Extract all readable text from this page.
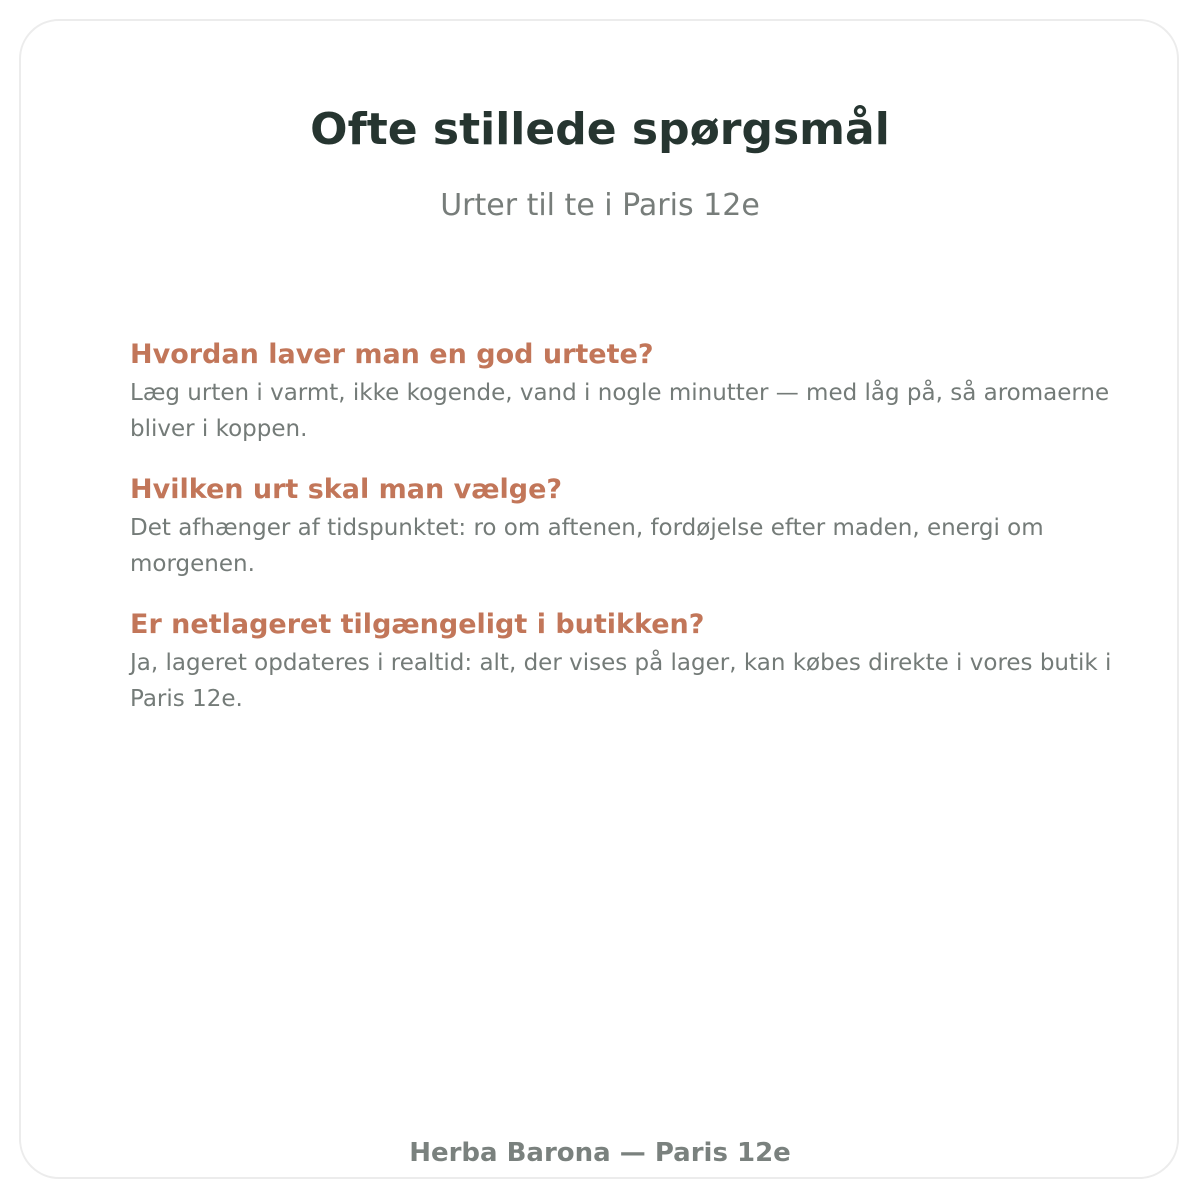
Ofte stillede spørgsmål

Urter til te i Paris 12e

Hvordan laver man en god urtete?

Læg urten i varmt, ikke kogende, vand i nogle minutter — med låg på, så aromaerne bliver i koppen.

Hvilken urt skal man vælge?

Det afhænger af tidspunktet: ro om aftenen, fordøjelse efter maden, energi om morgenen.

Er netlageret tilgængeligt i butikken?

Ja, lageret opdateres i realtid: alt, der vises på lager, kan købes direkte i vores butik i Paris 12e.

Herba Barona — Paris 12e
